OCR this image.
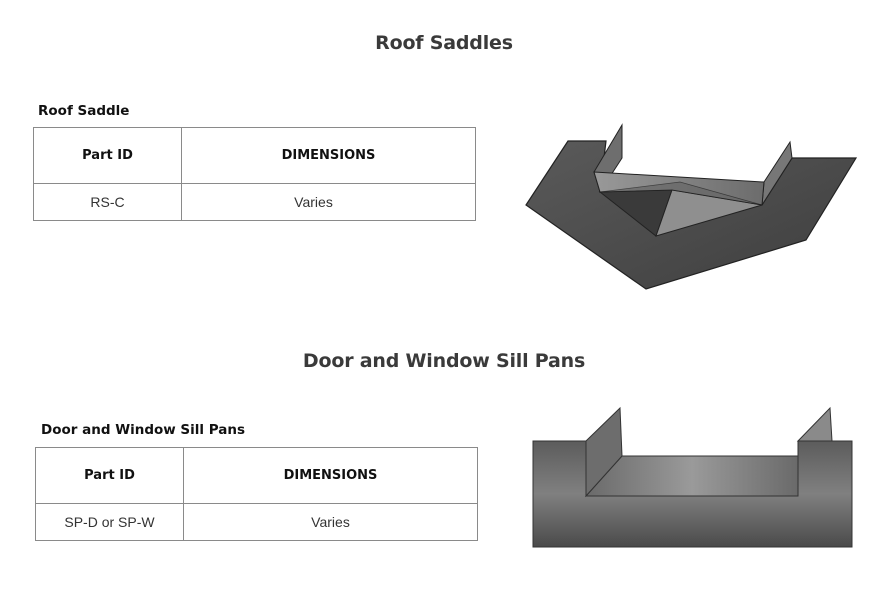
Roof Saddles
Roof Saddle
Part ID	DIMENSIONS
RS-C	Varies
Door and Window Sill Pans
Door and Window Sill Pans
Part ID	DIMENSIONS
SP-D or SP-W	Varies
